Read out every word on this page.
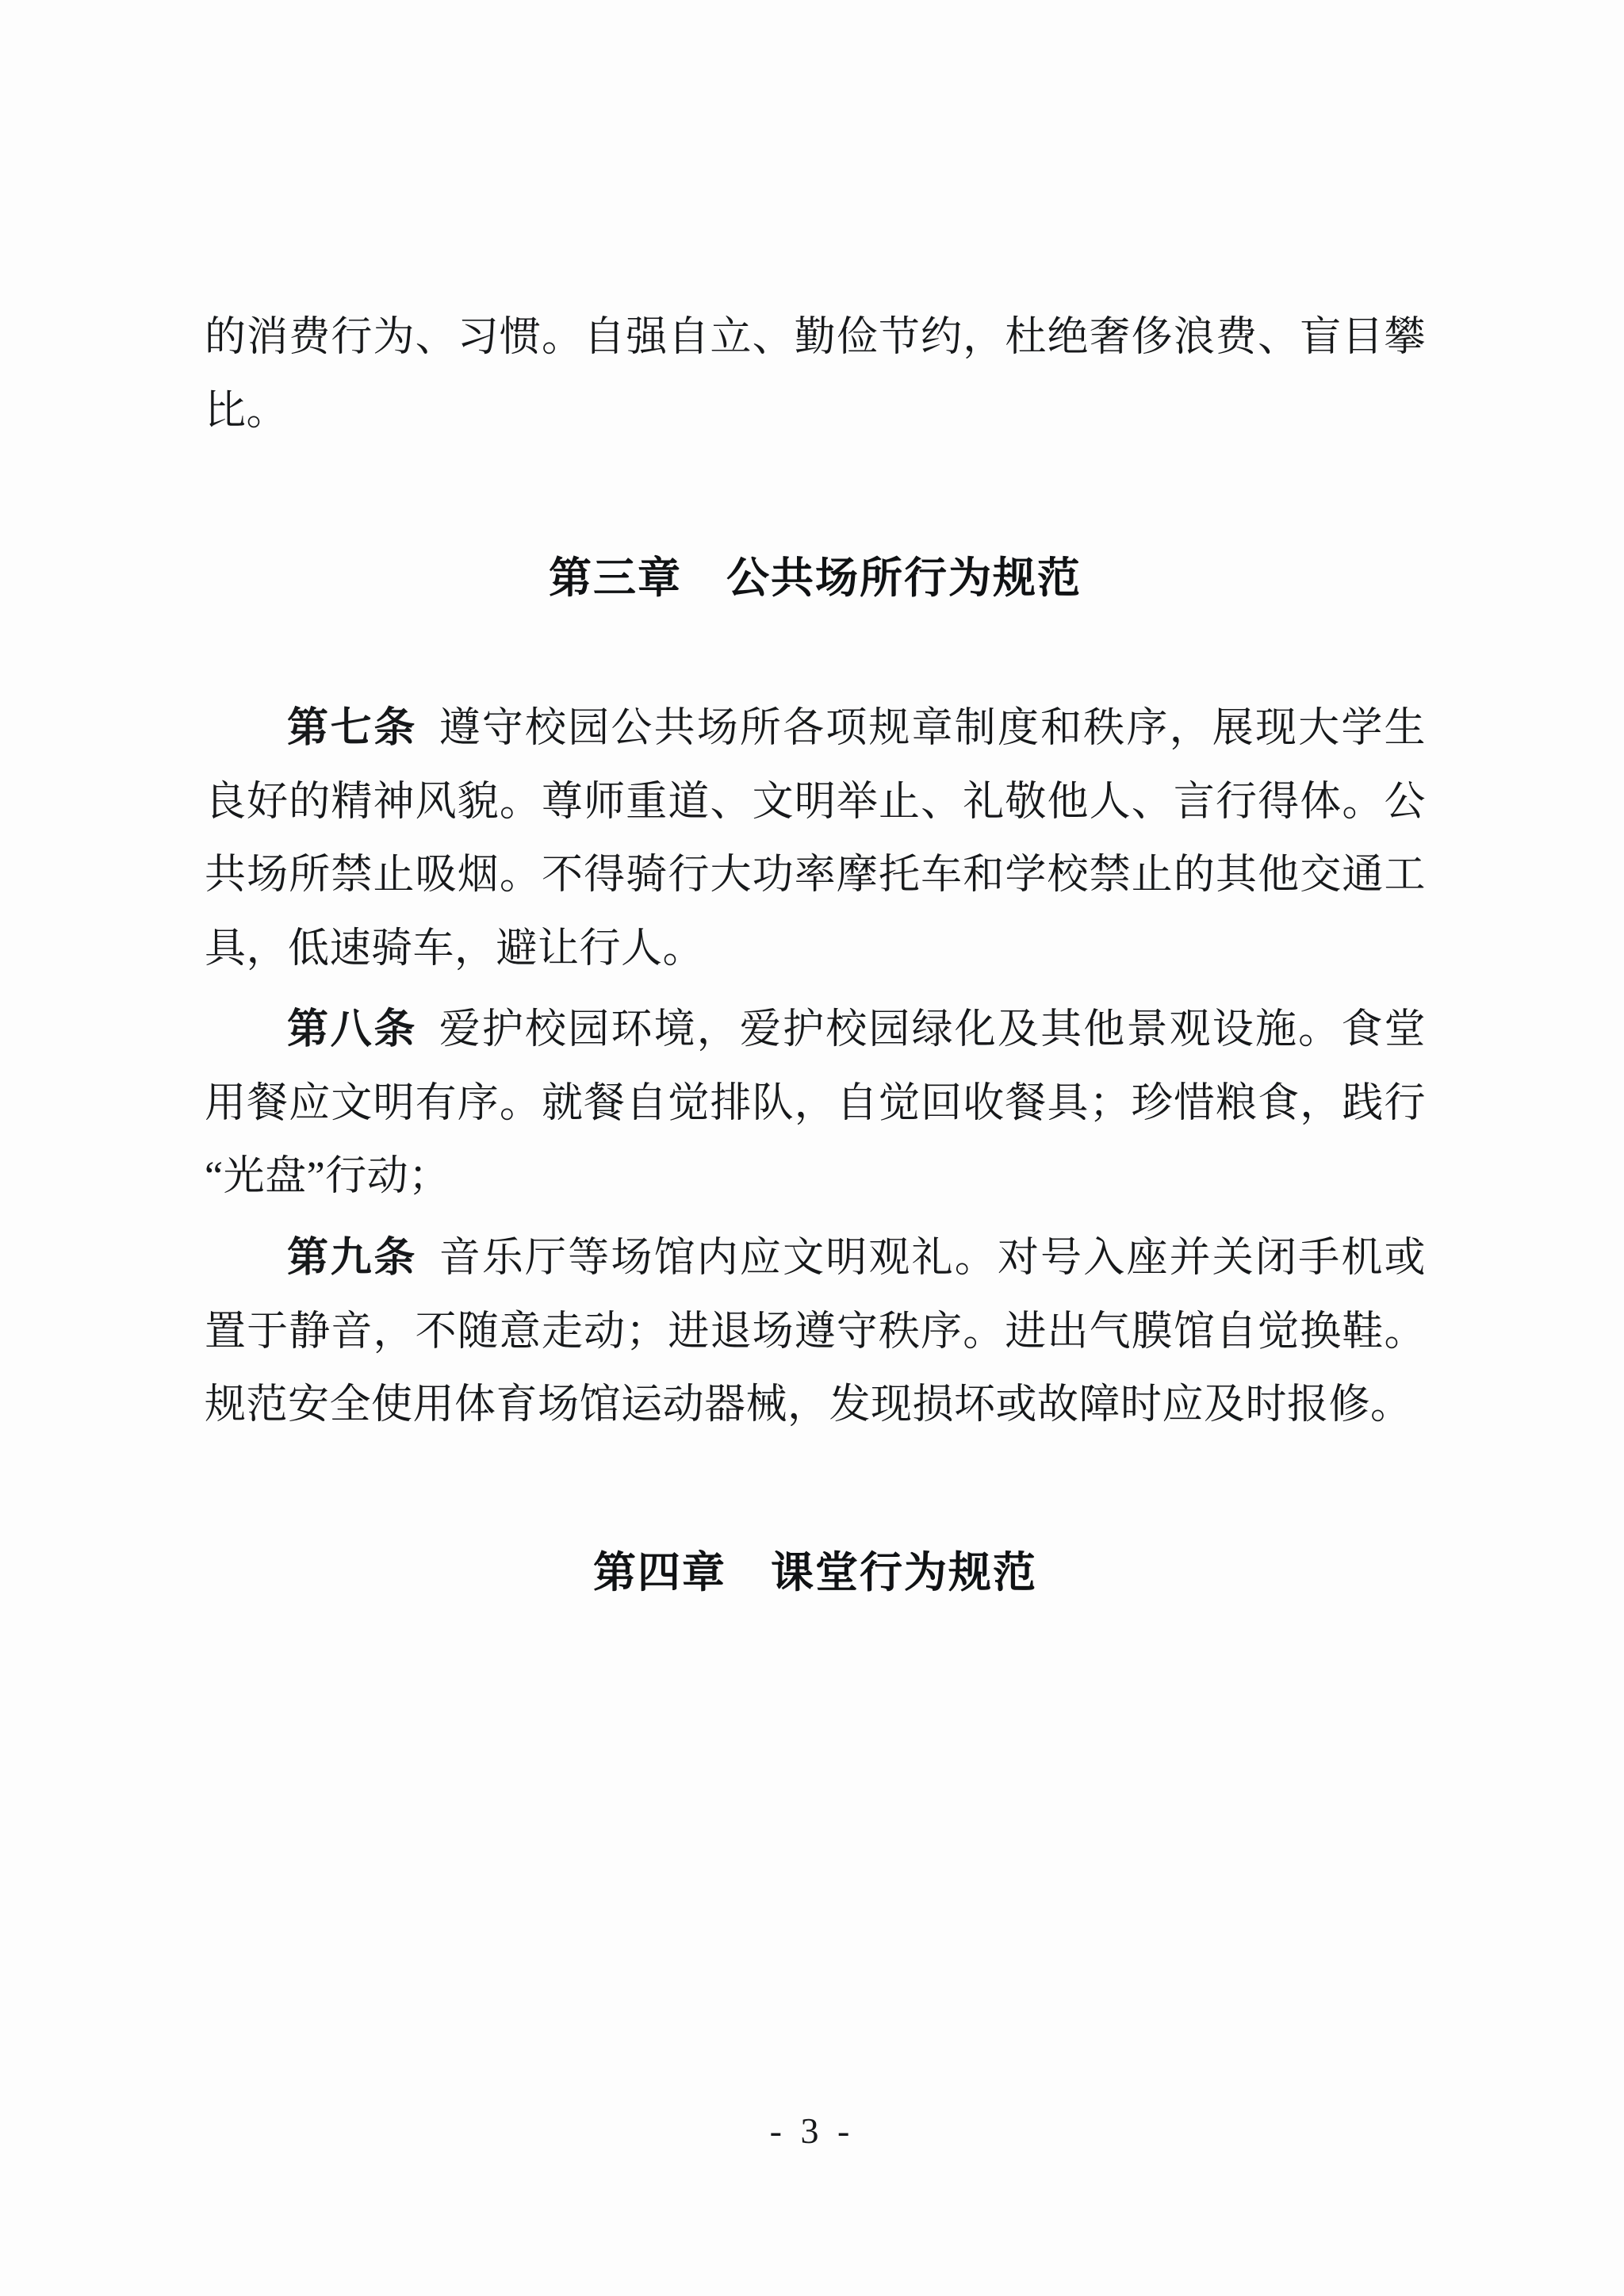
的消费行为、习惯。自强自立、勤俭节约，杜绝奢侈浪费、盲目攀比。

第三章　公共场所行为规范

第七条 遵守校园公共场所各项规章制度和秩序，展现大学生良好的精神风貌。尊师重道、文明举止、礼敬他人、言行得体。公共场所禁止吸烟。不得骑行大功率摩托车和学校禁止的其他交通工具，低速骑车，避让行人。

第八条 爱护校园环境，爱护校园绿化及其他景观设施。食堂用餐应文明有序。就餐自觉排队，自觉回收餐具；珍惜粮食，践行“光盘”行动；

第九条 音乐厅等场馆内应文明观礼。对号入座并关闭手机或置于静音，不随意走动；进退场遵守秩序。进出气膜馆自觉换鞋。规范安全使用体育场馆运动器械，发现损坏或故障时应及时报修。

第四章　课堂行为规范

- 3 -
